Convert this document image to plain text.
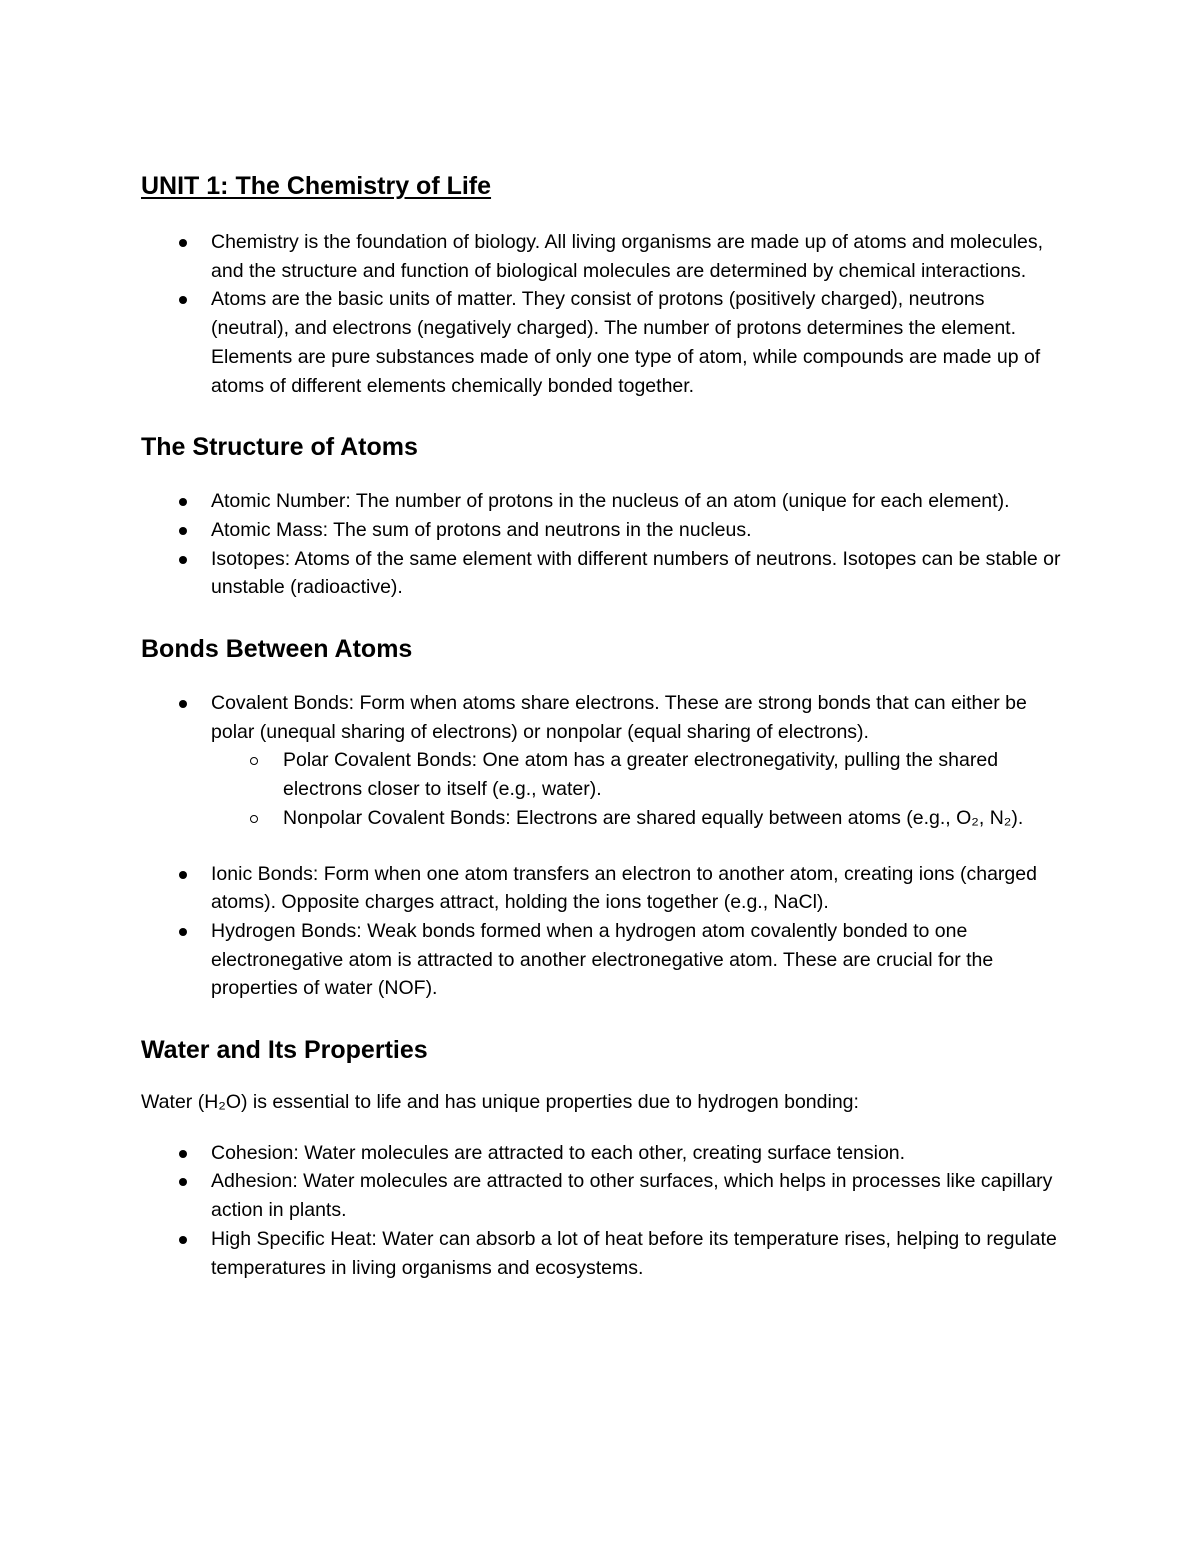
UNIT 1: The Chemistry of Life
Chemistry is the foundation of biology. All living organisms are made up of atoms and molecules, and the structure and function of biological molecules are determined by chemical interactions.
Atoms are the basic units of matter. They consist of protons (positively charged), neutrons (neutral), and electrons (negatively charged). The number of protons determines the element.
Elements are pure substances made of only one type of atom, while compounds are made up of atoms of different elements chemically bonded together.
The Structure of Atoms
Atomic Number: The number of protons in the nucleus of an atom (unique for each element).
Atomic Mass: The sum of protons and neutrons in the nucleus.
Isotopes: Atoms of the same element with different numbers of neutrons. Isotopes can be stable or unstable (radioactive).
Bonds Between Atoms
Covalent Bonds: Form when atoms share electrons. These are strong bonds that can either be polar (unequal sharing of electrons) or nonpolar (equal sharing of electrons).
Polar Covalent Bonds: One atom has a greater electronegativity, pulling the shared electrons closer to itself (e.g., water).
Nonpolar Covalent Bonds: Electrons are shared equally between atoms (e.g., O₂, N₂).
Ionic Bonds: Form when one atom transfers an electron to another atom, creating ions (charged atoms). Opposite charges attract, holding the ions together (e.g., NaCl).
Hydrogen Bonds: Weak bonds formed when a hydrogen atom covalently bonded to one electronegative atom is attracted to another electronegative atom. These are crucial for the properties of water (NOF).
Water and Its Properties

Water (H₂O) is essential to life and has unique properties due to hydrogen bonding:

Cohesion: Water molecules are attracted to each other, creating surface tension.
Adhesion: Water molecules are attracted to other surfaces, which helps in processes like capillary action in plants.
High Specific Heat: Water can absorb a lot of heat before its temperature rises, helping to regulate temperatures in living organisms and ecosystems.
